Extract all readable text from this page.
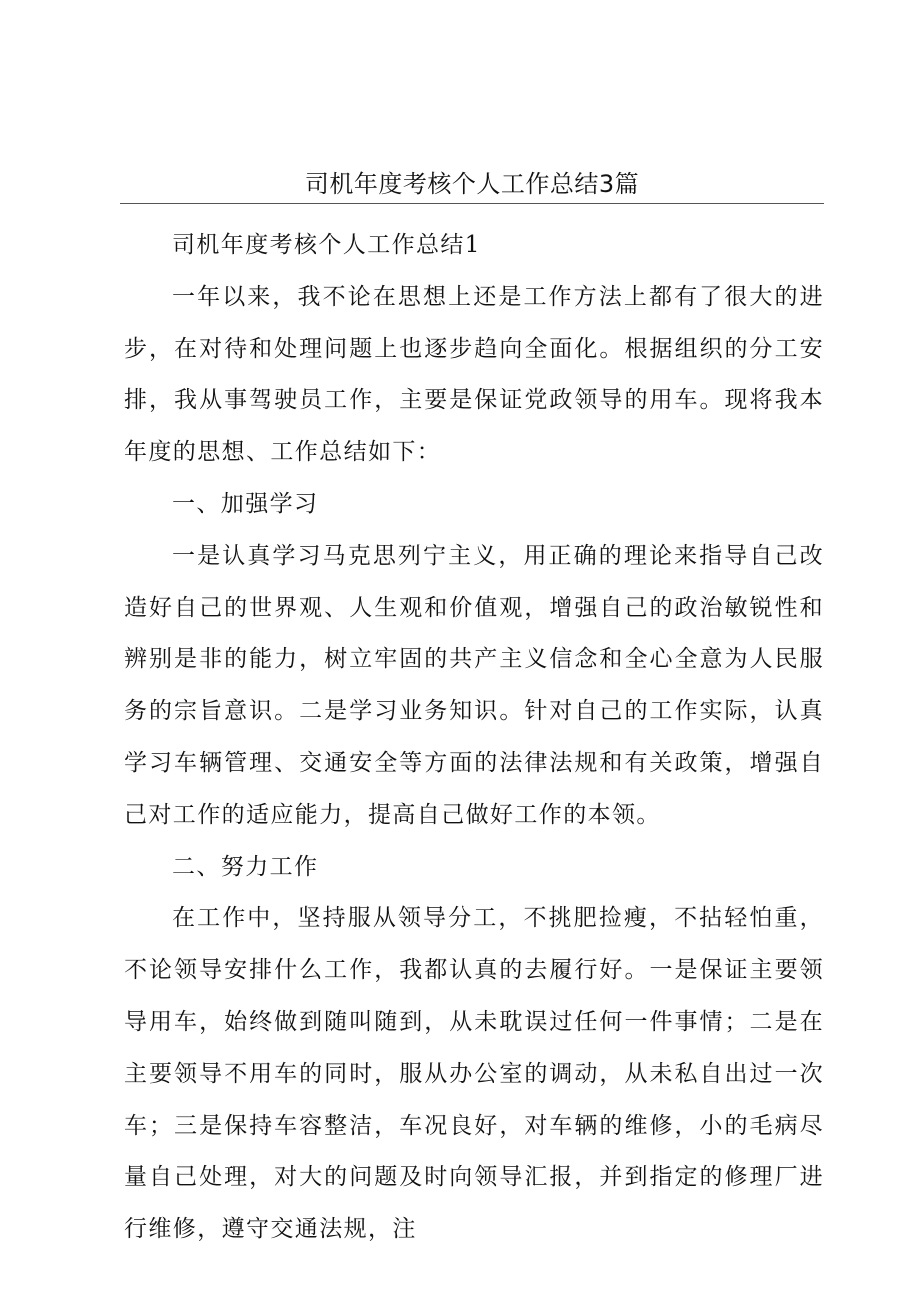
司机年度考核个人工作总结3篇

司机年度考核个人工作总结1

一年以来，我不论在思想上还是工作方法上都有了很大的进步，在对待和处理问题上也逐步趋向全面化。根据组织的分工安排，我从事驾驶员工作，主要是保证党政领导的用车。现将我本年度的思想、工作总结如下：

一、加强学习

一是认真学习马克思列宁主义，用正确的理论来指导自己改造好自己的世界观、人生观和价值观，增强自己的政治敏锐性和辨别是非的能力，树立牢固的共产主义信念和全心全意为人民服务的宗旨意识。二是学习业务知识。针对自己的工作实际，认真学习车辆管理、交通安全等方面的法律法规和有关政策，增强自己对工作的适应能力，提高自己做好工作的本领。

二、努力工作

在工作中，坚持服从领导分工，不挑肥捡瘦，不拈轻怕重，不论领导安排什么工作，我都认真的去履行好。一是保证主要领导用车，始终做到随叫随到，从未耽误过任何一件事情；二是在主要领导不用车的同时，服从办公室的调动，从未私自出过一次车；三是保持车容整洁，车况良好，对车辆的维修，小的毛病尽量自己处理，对大的问题及时向领导汇报，并到指定的修理厂进行维修，遵守交通法规，注
